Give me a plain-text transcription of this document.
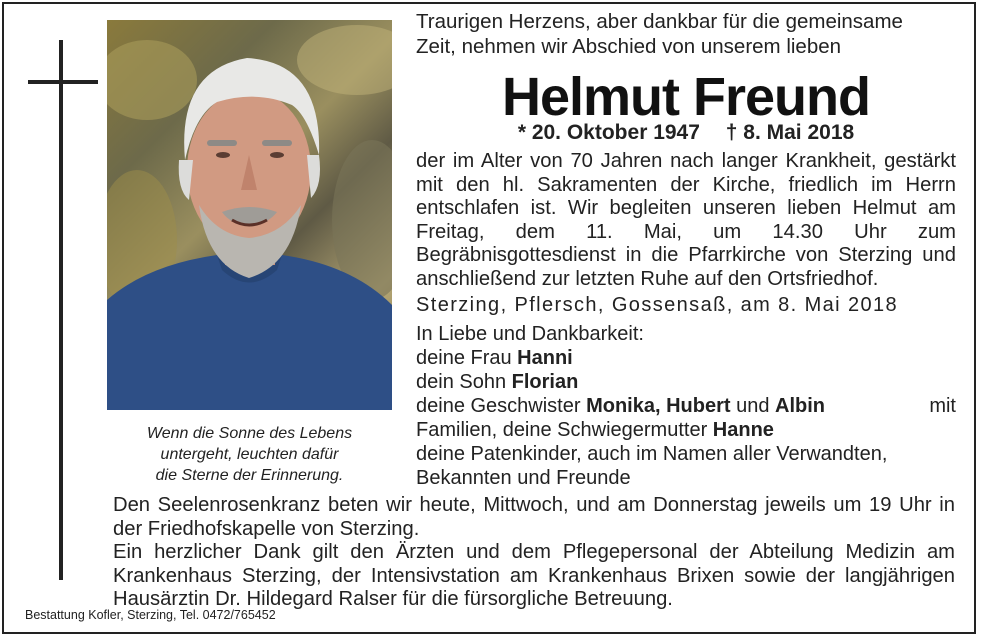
Wenn die Sonne des Lebens
untergeht, leuchten dafür
die Sterne der Erinnerung.
Traurigen Herzens, aber dankbar für die gemeinsame
Zeit, nehmen wir Abschied von unserem lieben
Helmut Freund
* 20. Oktober 1947 † 8. Mai 2018
der im Alter von 70 Jahren nach langer Krankheit, gestärkt mit den hl. Sakramenten der Kirche, friedlich im Herrn entschlafen ist. Wir begleiten unseren lieben Helmut am Freitag, dem 11. Mai, um 14.30 Uhr zum Begräbnisgottesdienst in die Pfarrkirche von Sterzing und anschließend zur letzten Ruhe auf den Ortsfriedhof.
Sterzing, Pflersch, Gossensaß, am 8. Mai 2018
In Liebe und Dankbarkeit:
deine Frau Hanni
dein Sohn Florian
deine Geschwister Monika, Hubert und Albin	mit
Familien, deine Schwiegermutter Hanne
deine Patenkinder, auch im Namen aller Verwandten,
Bekannten und Freunde
Den Seelenrosenkranz beten wir heute, Mittwoch, und am Donnerstag jeweils um 19 Uhr in der Friedhofskapelle von Sterzing.
Ein herzlicher Dank gilt den Ärzten und dem Pflegepersonal der Abteilung Medizin am Krankenhaus Sterzing, der Intensivstation am Krankenhaus Brixen sowie der langjährigen Hausärztin Dr. Hildegard Ralser für die fürsorgliche Betreuung.
Bestattung Kofler, Sterzing, Tel. 0472/765452
